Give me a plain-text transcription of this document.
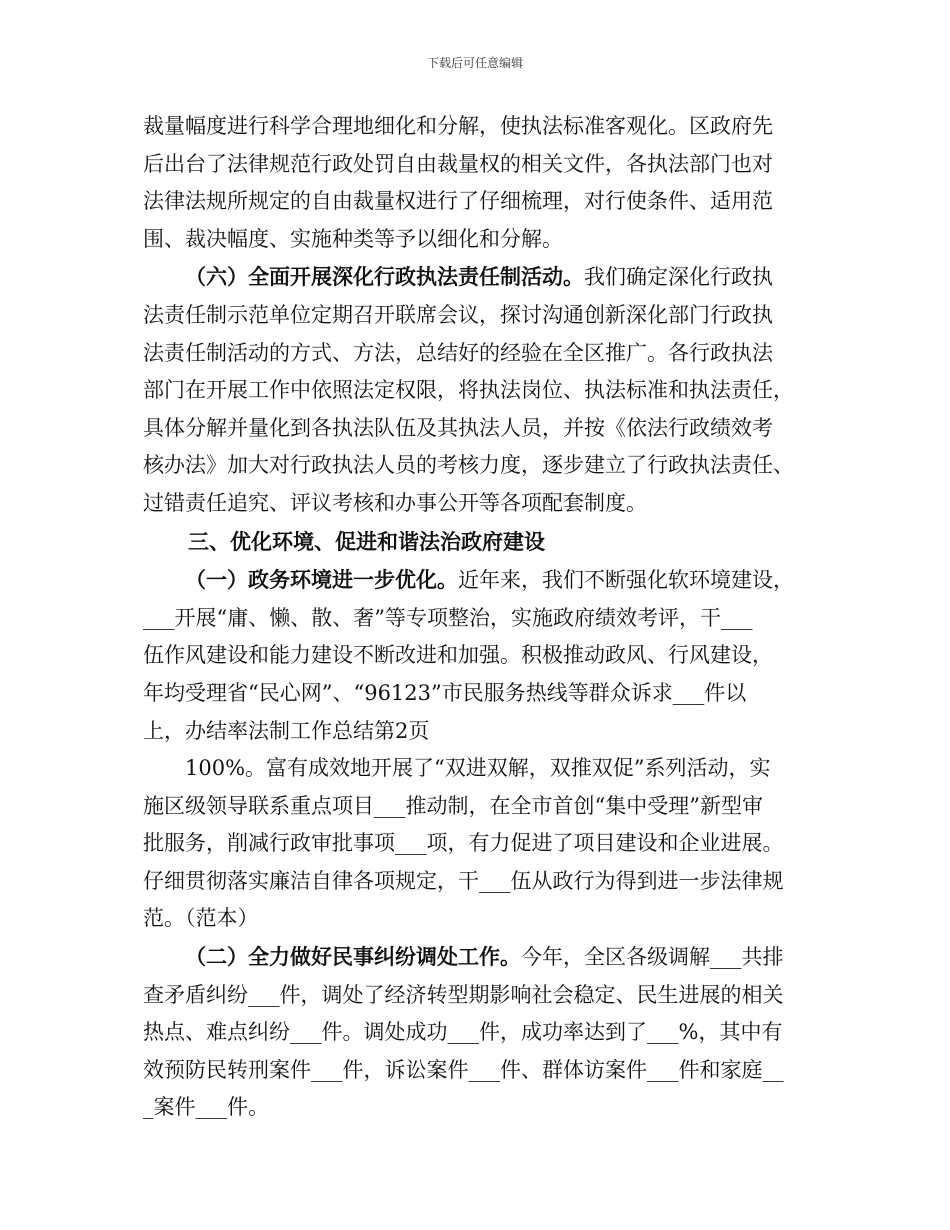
下载后可任意编辑
裁量幅度进行科学合理地细化和分解，使执法标准客观化。区政府先
后出台了法律规范行政处罚自由裁量权的相关文件，各执法部门也对
法律法规所规定的自由裁量权进行了仔细梳理，对行使条件、适用范
围、裁决幅度、实施种类等予以细化和分解。
（六）全面开展深化行政执法责任制活动。我们确定深化行政执
法责任制示范单位定期召开联席会议，探讨沟通创新深化部门行政执
法责任制活动的方式、方法，总结好的经验在全区推广。各行政执法
部门在开展工作中依照法定权限，将执法岗位、执法标准和执法责任，
具体分解并量化到各执法队伍及其执法人员，并按《依法行政绩效考
核办法》加大对行政执法人员的考核力度，逐步建立了行政执法责任、
过错责任追究、评议考核和办事公开等各项配套制度。
三、优化环境、促进和谐法治政府建设
（一）政务环境进一步优化。近年来，我们不断强化软环境建设，
___开展“庸、懒、散、奢”等专项整治，实施政府绩效考评，干___
伍作风建设和能力建设不断改进和加强。积极推动政风、行风建设，
年均受理省“民心网”、“96123”市民服务热线等群众诉求___件以
上，办结率法制工作总结第2页
100%。富有成效地开展了“双进双解，双推双促”系列活动，实
施区级领导联系重点项目___推动制，在全市首创“集中受理”新型审
批服务，削减行政审批事项___项，有力促进了项目建设和企业进展。
仔细贯彻落实廉洁自律各项规定，干___伍从政行为得到进一步法律规
范。（范本）
（二）全力做好民事纠纷调处工作。今年，全区各级调解___共排
查矛盾纠纷___件，调处了经济转型期影响社会稳定、民生进展的相关
热点、难点纠纷___件。调处成功___件，成功率达到了___%，其中有
效预防民转刑案件___件，诉讼案件___件、群体访案件___件和家庭__
_案件___件。
